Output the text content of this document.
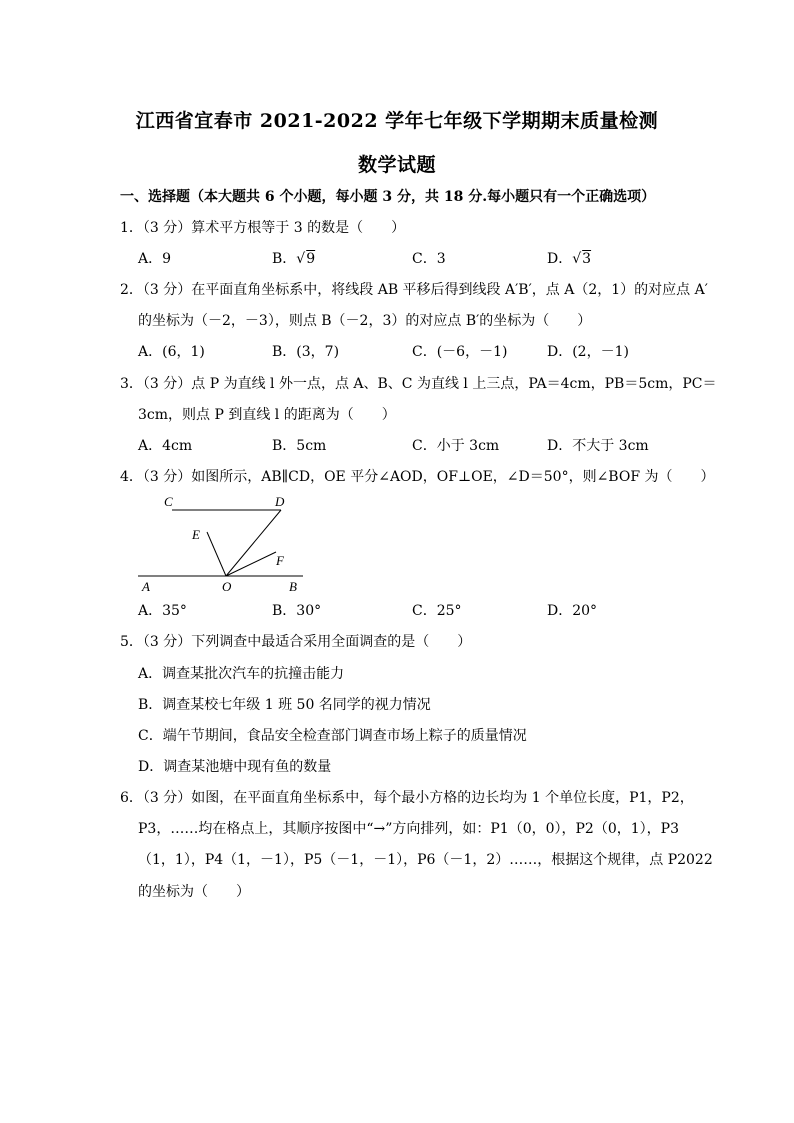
江西省宜春市 2021-2022 学年七年级下学期期末质量检测
数学试题
一、选择题（本大题共 6 个小题，每小题 3 分，共 18 分.每小题只有一个正确选项）
1．（3 分）算术平方根等于 3 的数是（　　）
A．9	B．√9	C．3	D．√3
2．（3 分）在平面直角坐标系中，将线段 AB 平移后得到线段 A′B′，点 A（2，1）的对应点 A′
的坐标为（－2，－3），则点 B（－2，3）的对应点 B′的坐标为（　　）
A．(6，1)	B．(3，7)	C．(－6，－1)	D．(2，－1)
3．（3 分）点 P 为直线 l 外一点，点 A、B、C 为直线 l 上三点，PA＝4cm，PB＝5cm，PC＝
3cm，则点 P 到直线 l 的距离为（　　）
A．4cm	B．5cm	C．小于 3cm	D．不大于 3cm
4．（3 分）如图所示，AB∥CD，OE 平分∠AOD，OF⊥OE，∠D＝50°，则∠BOF 为（　　）
C	D
E
F
A	O	B
A．35°	B．30°	C．25°	D．20°
5．（3 分）下列调查中最适合采用全面调查的是（　　）
A．调查某批次汽车的抗撞击能力
B．调查某校七年级 1 班 50 名同学的视力情况
C．端午节期间，食品安全检查部门调查市场上粽子的质量情况
D．调查某池塘中现有鱼的数量
6．（3 分）如图，在平面直角坐标系中，每个最小方格的边长均为 1 个单位长度，P1，P2，
P3，……均在格点上，其顺序按图中“→”方向排列，如：P1（0，0），P2（0，1），P3
（1，1），P4（1，－1），P5（－1，－1），P6（－1，2）……，根据这个规律，点 P2022
的坐标为（　　）
